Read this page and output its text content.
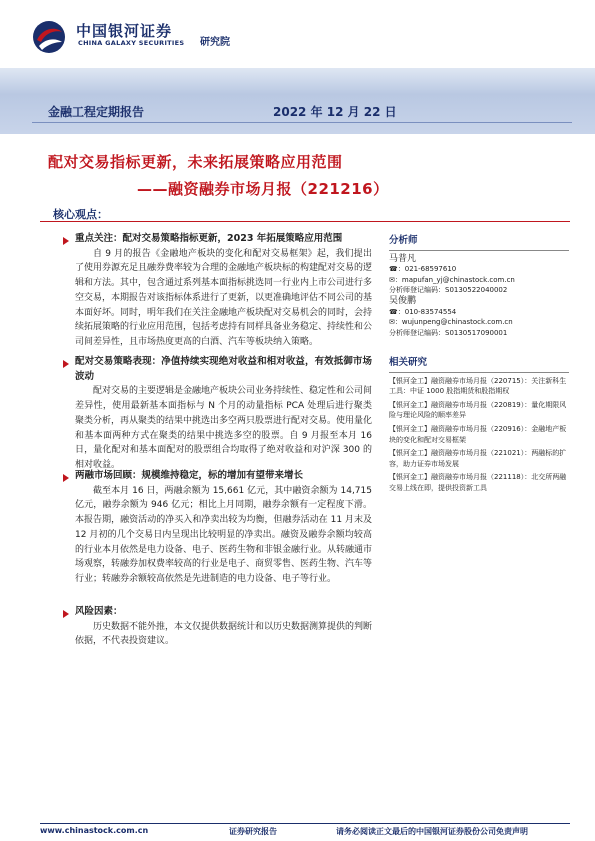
中国银河证券
CHINA GALAXY SECURITIES 研究院
金融工程定期报告	2022 年 12 月 22 日
配对交易指标更新，未来拓展策略应用范围
——融资融券市场月报（221216）
核心观点：
重点关注：配对交易策略指标更新，2023 年拓展策略应用范围

自 9 月的报告《金融地产板块的变化和配对交易框架》起，我们提出了使用券源充足且融券费率较为合理的金融地产板块标的构建配对交易的逻辑和方法。其中，包含通过系列基本面指标挑选同一行业内上市公司进行多空交易，本期报告对该指标体系进行了更新，以更准确地评估不同公司的基本面好坏。同时，明年我们在关注金融地产板块配对交易机会的同时，会持续拓展策略的行业应用范围，包括考虑持有同样具备业务稳定、持续性和公司间差异性，且市场热度更高的白酒、汽车等板块纳入策略。

配对交易策略表现：净值持续实现绝对收益和相对收益，有效抵御市场波动

配对交易的主要逻辑是金融地产板块公司业务持续性、稳定性和公司间差异性，使用最新基本面指标与 N 个月的动量指标 PCA 处理后进行聚类聚类分析，再从聚类的结果中挑选出多空两只股票进行配对交易。使用量化和基本面两种方式在聚类的结果中挑选多空的股票。自 9 月报至本月 16 日，量化配对和基本面配对的股票组合均取得了绝对收益和对沪深 300 的相对收益。

两融市场回顾：规模维持稳定，标的增加有望带来增长

截至本月 16 日，两融余额为 15,661 亿元，其中融资余额为 14,715 亿元，融券余额为 946 亿元；相比上月同期，融券余额有一定程度下滑。本报告期，融资活动的净买入和净卖出较为均衡，但融券活动在 11 月末及 12 月初的几个交易日内呈现出比较明显的净卖出。融资及融券余额均较高的行业本月依然是电力设备、电子、医药生物和非银金融行业。从转融通市场观察，转融券加权费率较高的行业是电子、商贸零售、医药生物、汽车等行业；转融券余额较高依然是先进制造的电力设备、电子等行业。

风险因素：

历史数据不能外推，本文仅提供数据统计和以历史数据测算提供的判断依据，不代表投资建议。

分析师
马普凡
☎：021-68597610
✉：mapufan_yj@chinastock.com.cn
分析师登记编码：S0130522040002
吴俊鹏
☎：010-83574554
✉：wujunpeng@chinastock.com.cn
分析师登记编码：S0130517090001
相关研究
【银河金工】融资融券市场月报（220715）：关注新科生工具：中证 1000 股指期货和股指期权
【银河金工】融资融券市场月报（220819）：量化期限风险与理论风险的顺率差异
【银河金工】融资融券市场月报（220916）：金融地产板块的变化和配对交易框架
【银河金工】融资融券市场月报（221021）：两融标的扩容，助力证券市场发展
【银河金工】融资融券市场月报（221118）：北交所两融交易上线在即，提供投资新工具
www.chinastock.com.cn	证券研究报告	请务必阅读正文最后的中国银河证券股份公司免责声明
